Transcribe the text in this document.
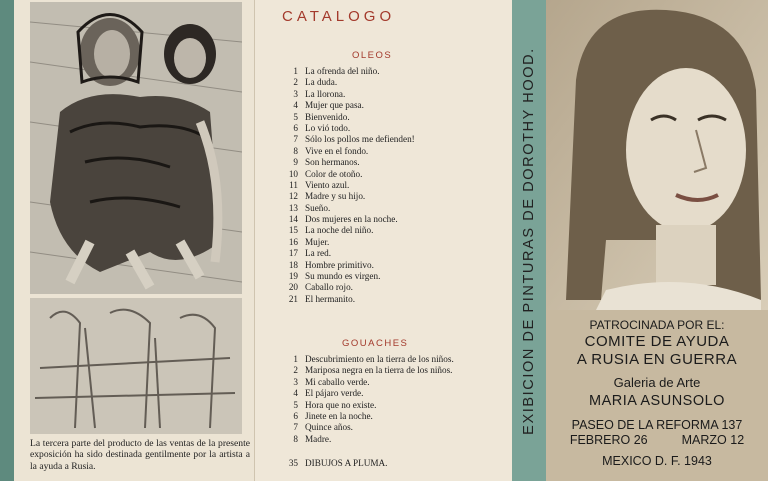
La tercera parte del producto de las ventas de la presente exposición ha sido destinada gentilmente por la artista a la ayuda a Rusia.
CATALOGO
OLEOS
1 La ofrenda del niño.
2 La duda.
3 La llorona.
4 Mujer que pasa.
5 Bienvenido.
6 Lo vió todo.
7 Sólo los pollos me defienden!
8 Vive en el fondo.
9 Son hermanos.
10 Color de otoño.
11 Viento azul.
12 Madre y su hijo.
13 Sueño.
14 Dos mujeres en la noche.
15 La noche del niño.
16 Mujer.
17 La red.
18 Hombre primitivo.
19 Su mundo es virgen.
20 Caballo rojo.
21 El hermanito.
GOUACHES
1 Descubrimiento en la tierra de los niños.
2 Mariposa negra en la tierra de los niños.
3 Mi caballo verde.
4 El pájaro verde.
5 Hora que no existe.
6 Jinete en la noche.
7 Quince años.
8 Madre.
35 DIBUJOS A PLUMA.
EXIBICION DE PINTURAS DE DOROTHY HOOD.	PATROCINADA POR EL:
COMITE DE AYUDA
A RUSIA EN GUERRA
Galeria de Arte
MARIA ASUNSOLO
PASEO DE LA REFORMA 137
FEBRERO 26	MARZO 12
MEXICO D. F. 1943
